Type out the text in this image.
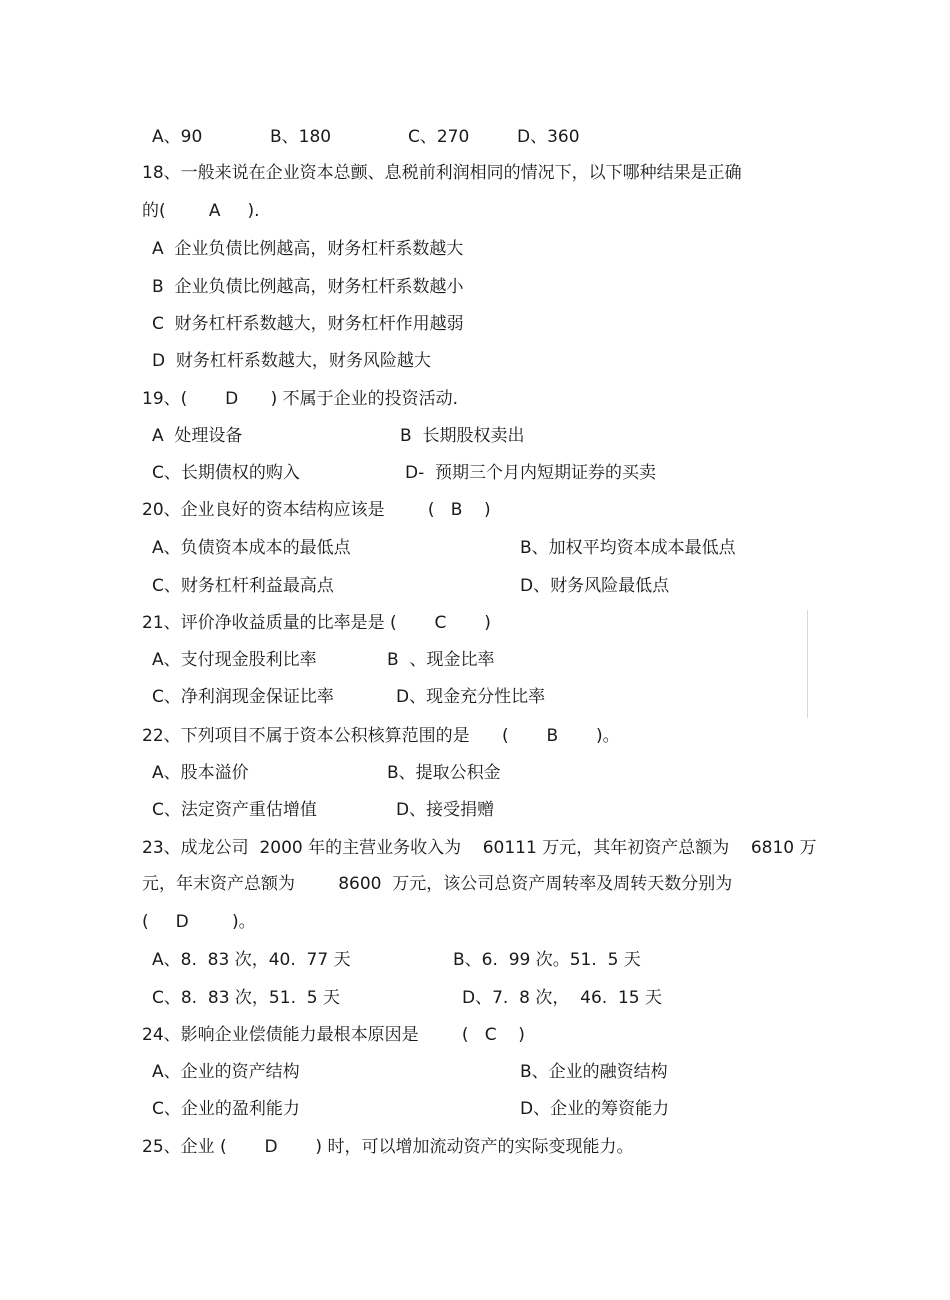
A、90	B、180	C、270	D、360
18、一般来说在企业资本总颤、息税前利润相同的情况下，以下哪种结果是正确
的(        A     ).
A  企业负债比例越高，财务杠杆系数越大
B  企业负债比例越高，财务杠杆系数越小
C  财务杠杆系数越大，财务杠杆作用越弱
D  财务杠杆系数越大，财务风险越大
19、(       D      ) 不属于企业的投资活动.
A  处理设备	B  长期股权卖出
C、长期债权的购入	D-  预期三个月内短期证券的买卖
20、企业良好的资本结构应该是        (   B    )
A、负债资本成本的最低点	B、加权平均资本成本最低点
C、财务杠杆利益最高点	D、财务风险最低点
21、评价净收益质量的比率是是 (       C       )
A、支付现金股利比率	B  、现金比率
C、净利润现金保证比率	D、现金充分性比率
22、下列项目不属于资本公积核算范围的是      (       B       )。
A、股本溢价	B、提取公积金
C、法定资产重估增值	D、接受捐赠
23、成龙公司  2000 年的主营业务收入为    60111 万元，其年初资产总额为    6810 万
元，年末资产总额为        8600  万元，该公司总资产周转率及周转天数分别为
(     D        )。
A、8.  83 次，40.  77 天	B、6.  99 次。51.  5 天
C、8.  83 次，51.  5 天	D、7.  8 次，  46.  15 天
24、影响企业偿债能力最根本原因是        (   C    )
A、企业的资产结构	B、企业的融资结构
C、企业的盈利能力	D、企业的筹资能力
25、企业 (       D       ) 时，可以增加流动资产的实际变现能力。
